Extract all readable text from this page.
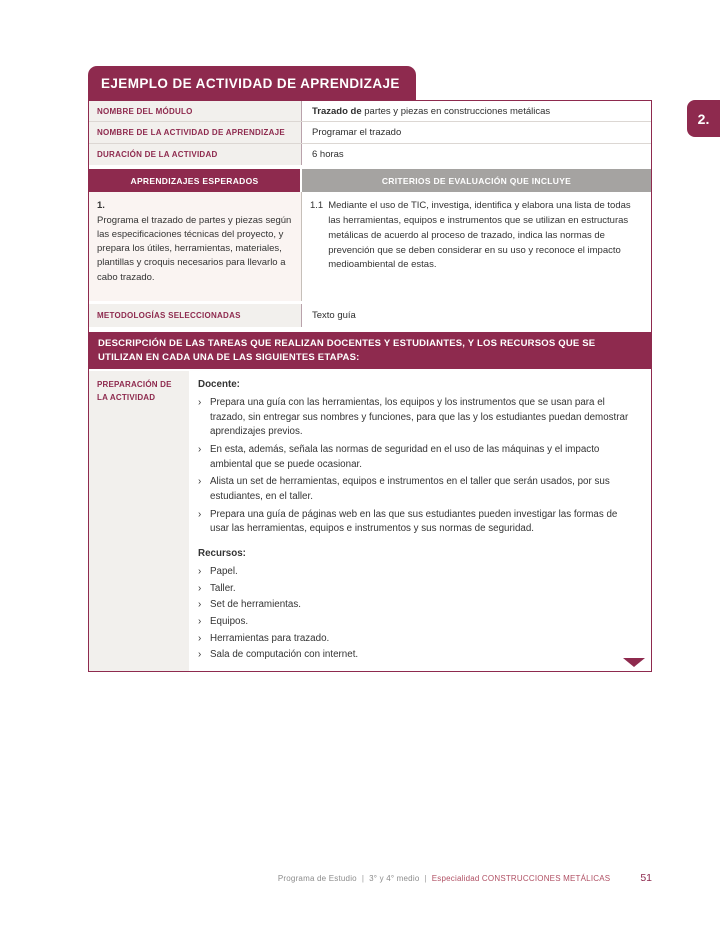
EJEMPLO DE ACTIVIDAD DE APRENDIZAJE
NOMBRE DEL MÓDULO	Trazado de
partes y piezas en construcciones metálicas
NOMBRE DE LA ACTIVIDAD DE APRENDIZAJE	Programar el trazado
DURACIÓN DE LA ACTIVIDAD	6 horas
APRENDIZAJES ESPERADOS	CRITERIOS DE EVALUACIÓN QUE INCLUYE
1.
Programa el trazado de partes y piezas según las especificaciones técnicas del proyecto, y prepara los útiles, herramientas, materiales, plantillas y croquis necesarios para llevarlo a cabo trazado.
1.1 Mediante el uso de TIC, investiga, identifica y elabora una lista de todas las herramientas, equipos e instrumentos que se utilizan en estructuras metálicas de acuerdo al proceso de trazado, indica las normas de prevención que se deben considerar en su uso y reconoce el impacto medioambiental de estas.
METODOLOGÍAS SELECCIONADAS	Texto guía
DESCRIPCIÓN DE LAS TAREAS QUE REALIZAN DOCENTES Y ESTUDIANTES, Y LOS RECURSOS QUE SE UTILIZAN EN CADA UNA DE LAS SIGUIENTES ETAPAS:
PREPARACIÓN DE LA ACTIVIDAD
Docente:
› Prepara una guía con las herramientas, los equipos y los instrumentos que se usan para el trazado, sin entregar sus nombres y funciones, para que las y los estudiantes puedan demostrar aprendizajes previos.
› En esta, además, señala las normas de seguridad en el uso de las máquinas y el impacto ambiental que se puede ocasionar.
› Alista un set de herramientas, equipos e instrumentos en el taller que serán usados, por sus estudiantes, en el taller.
› Prepara una guía de páginas web en las que sus estudiantes pueden investigar las formas de usar las herramientas, equipos e instrumentos y sus normas de seguridad.
Recursos:
› Papel.
› Taller.
› Set de herramientas.
› Equipos.
› Herramientas para trazado.
› Sala de computación con internet.
2.
Programa de Estudio | 3° y 4° medio | Especialidad CONSTRUCCIONES METÁLICAS	51
